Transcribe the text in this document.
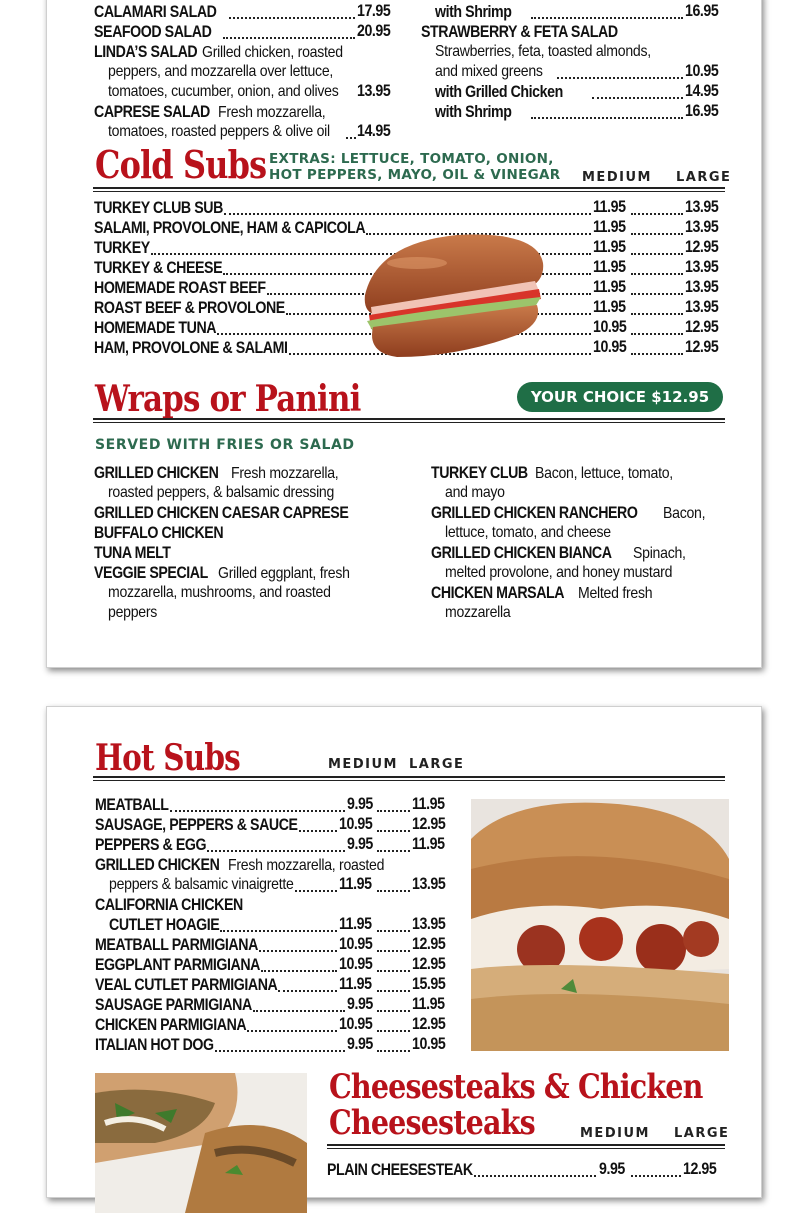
CALAMARI SALAD	17.95
SEAFOOD SALAD	20.95
LINDA’S SALAD Grilled chicken, roasted
peppers, and mozzarella over lettuce,
tomatoes, cucumber, onion, and olives	13.95
CAPRESE SALAD Fresh mozzarella,
tomatoes, roasted peppers & olive oil	14.95
with Shrimp	16.95
STRAWBERRY & FETA SALAD
Strawberries, feta, toasted almonds,
and mixed greens	10.95
with Grilled Chicken	14.95
with Shrimp	16.95
Cold Subs EXTRAS: LETTUCE, TOMATO, ONION,
HOT PEPPERS, MAYO, OIL & VINEGAR MEDIUM LARGE
TURKEY CLUB SUB	11.95	13.95
SALAMI, PROVOLONE, HAM & CAPICOLA	11.95	13.95
TURKEY	11.95	12.95
TURKEY & CHEESE	11.95	13.95
HOMEMADE ROAST BEEF	11.95	13.95
ROAST BEEF & PROVOLONE	11.95	13.95
HOMEMADE TUNA	10.95	12.95
HAM, PROVOLONE & SALAMI	10.95	12.95
Wraps or Panini	YOUR CHOICE $12.95
SERVED WITH FRIES OR SALAD
GRILLED CHICKENFresh mozzarella,
roasted peppers, & balsamic dressing
GRILLED CHICKEN CAESAR CAPRESE
BUFFALO CHICKEN
TUNA MELT
VEGGIE SPECIALGrilled eggplant, fresh
mozzarella, mushrooms, and roasted
peppers
TURKEY CLUBBacon, lettuce, tomato,
and mayo
GRILLED CHICKEN RANCHEROBacon,
lettuce, tomato, and cheese
GRILLED CHICKEN BIANCASpinach,
melted provolone, and honey mustard
CHICKEN MARSALAMelted fresh
mozzarella
Hot Subs	MEDIUM LARGE
MEATBALL	9.95 11.95
SAUSAGE, PEPPERS & SAUCE	10.95 12.95
PEPPERS & EGG	9.95 11.95
GRILLED CHICKENFresh mozzarella, roasted
peppers & balsamic vinaigrette	11.95 13.95
CALIFORNIA CHICKEN
CUTLET HOAGIE	11.95 13.95
MEATBALL PARMIGIANA	10.95 12.95
EGGPLANT PARMIGIANA	10.95 12.95
VEAL CUTLET PARMIGIANA	11.95 15.95
SAUSAGE PARMIGIANA	9.95 11.95
CHICKEN PARMIGIANA	10.95 12.95
ITALIAN HOT DOG	9.95 10.95
Cheesesteaks & Chicken
Cheesesteaks	MEDIUM LARGE
PLAIN CHEESESTEAK	9.95	12.95
